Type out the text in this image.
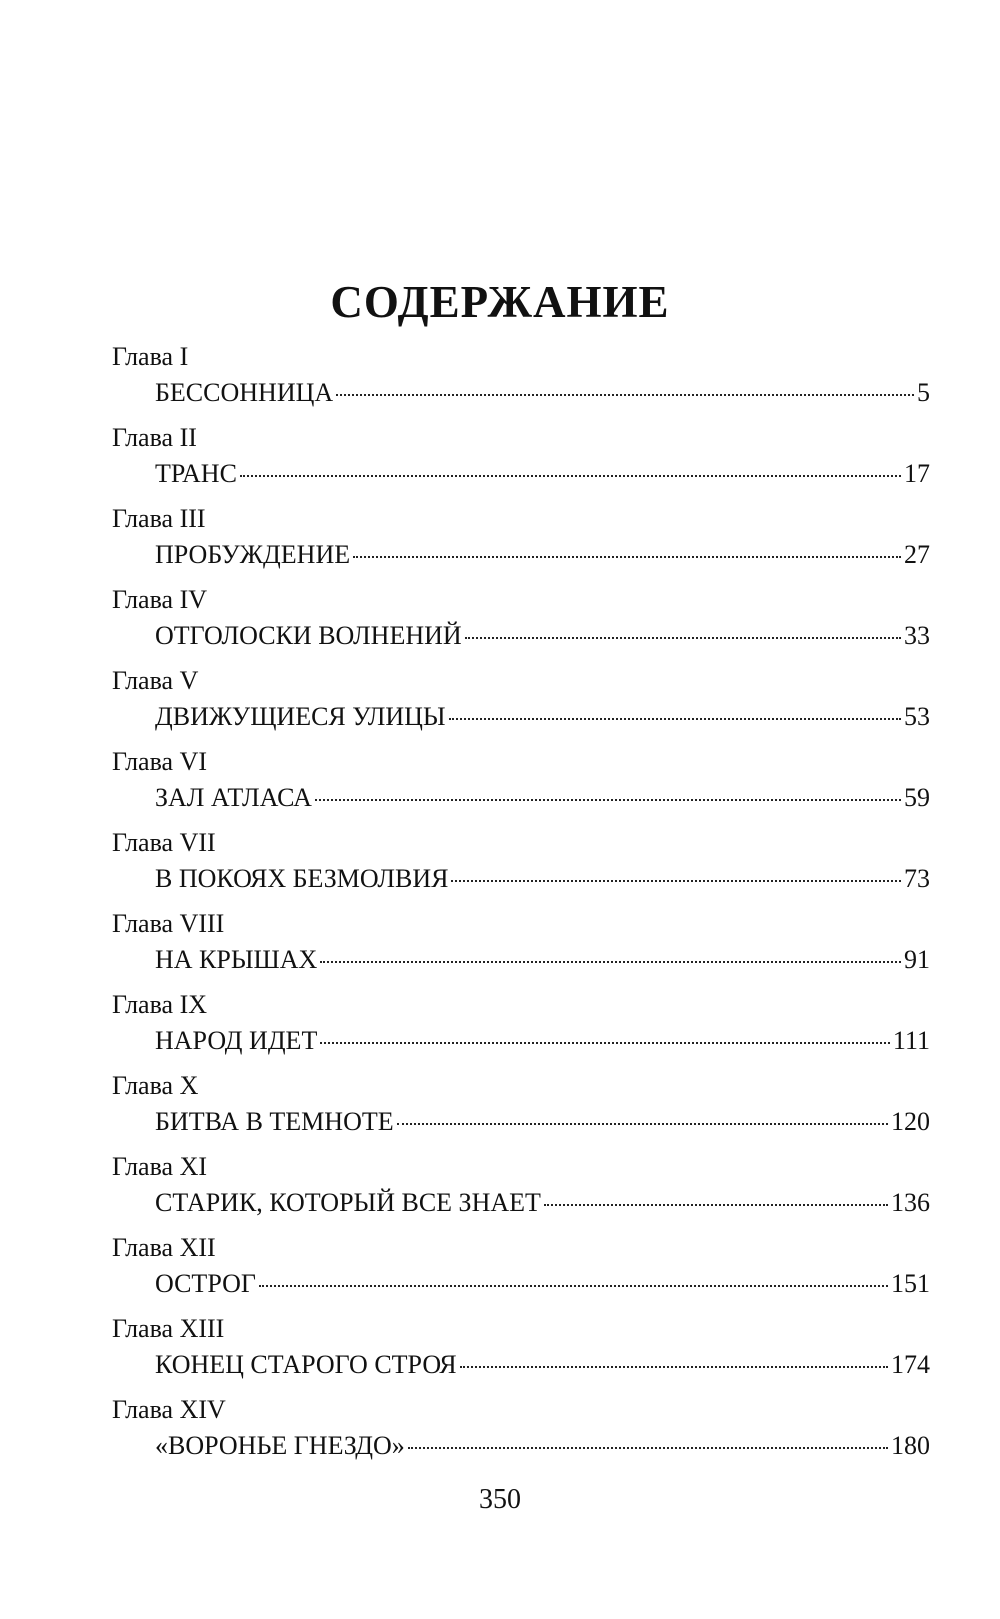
СОДЕРЖАНИЕ
Глава I
БЕССОННИЦА	5
Глава II
ТРАНС	17
Глава III
ПРОБУЖДЕНИЕ	27
Глава IV
ОТГОЛОСКИ ВОЛНЕНИЙ	33
Глава V
ДВИЖУЩИЕСЯ УЛИЦЫ	53
Глава VI
ЗАЛ АТЛАСА	59
Глава VII
В ПОКОЯХ БЕЗМОЛВИЯ	73
Глава VIII
НА КРЫШАХ	91
Глава IX
НАРОД ИДЕТ	111
Глава X
БИТВА В ТЕМНОТЕ	120
Глава XI
СТАРИК, КОТОРЫЙ ВСЕ ЗНАЕТ	136
Глава XII
ОСТРОГ	151
Глава XIII
КОНЕЦ СТАРОГО СТРОЯ	174
Глава XIV
«ВОРОНЬЕ ГНЕЗДО»	180
350
